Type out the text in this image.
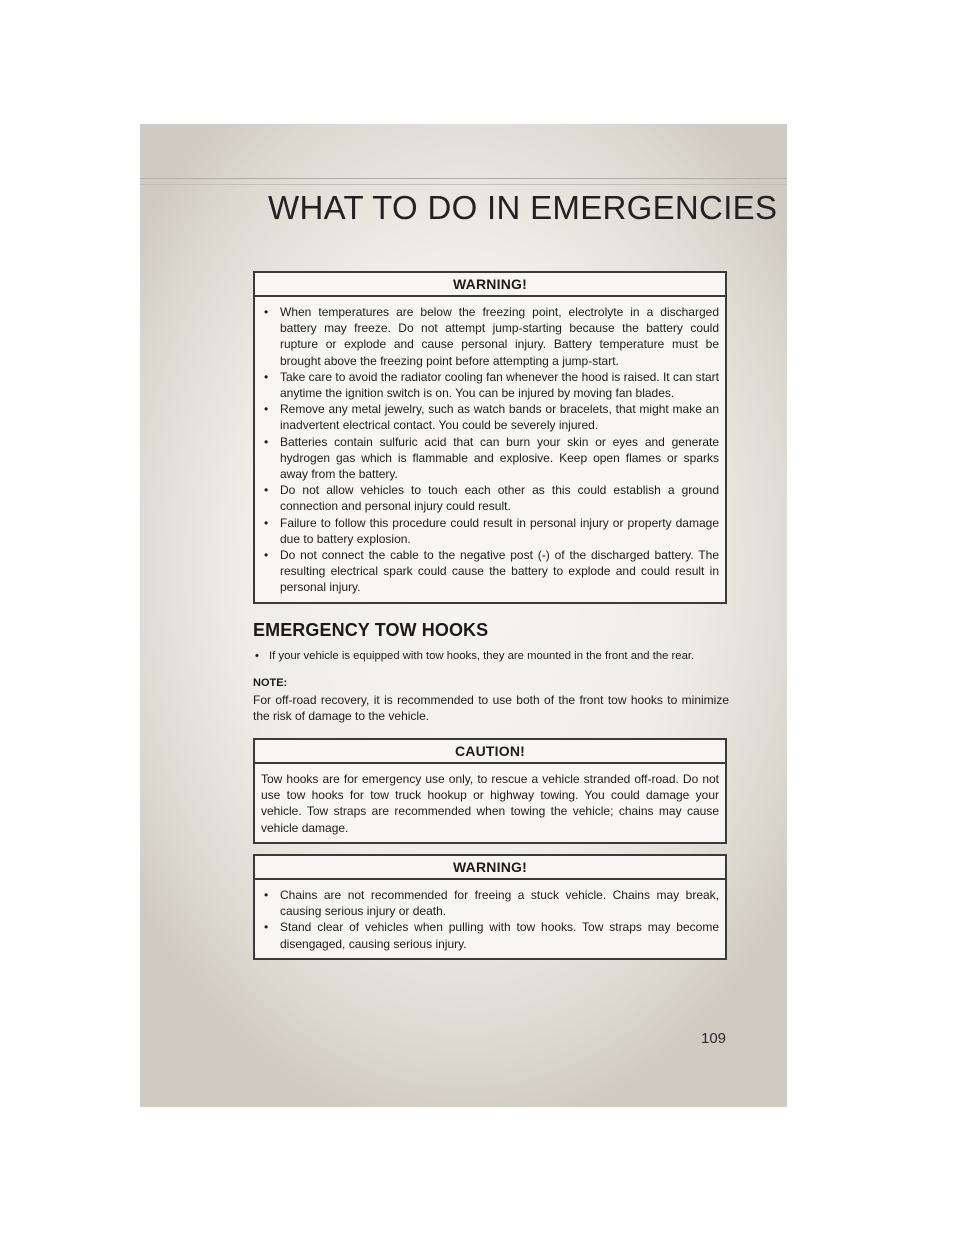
WHAT TO DO IN EMERGENCIES
WARNING!
• When temperatures are below the freezing point, electrolyte in a discharged battery may freeze. Do not attempt jump-starting because the battery could rupture or explode and cause personal injury. Battery temperature must be brought above the freezing point before attempting a jump-start.
• Take care to avoid the radiator cooling fan whenever the hood is raised. It can start anytime the ignition switch is on. You can be injured by moving fan blades.
• Remove any metal jewelry, such as watch bands or bracelets, that might make an inadvertent electrical contact. You could be severely injured.
• Batteries contain sulfuric acid that can burn your skin or eyes and generate hydrogen gas which is flammable and explosive. Keep open flames or sparks away from the battery.
• Do not allow vehicles to touch each other as this could establish a ground connection and personal injury could result.
• Failure to follow this procedure could result in personal injury or property damage due to battery explosion.
• Do not connect the cable to the negative post (-) of the discharged battery. The resulting electrical spark could cause the battery to explode and could result in personal injury.
EMERGENCY TOW HOOKS
• If your vehicle is equipped with tow hooks, they are mounted in the front and the rear.
NOTE:

For off-road recovery, it is recommended to use both of the front tow hooks to minimize the risk of damage to the vehicle.

CAUTION!

Tow hooks are for emergency use only, to rescue a vehicle stranded off-road. Do not use tow hooks for tow truck hookup or highway towing. You could damage your vehicle. Tow straps are recommended when towing the vehicle; chains may cause vehicle damage.

WARNING!
• Chains are not recommended for freeing a stuck vehicle. Chains may break, causing serious injury or death.
• Stand clear of vehicles when pulling with tow hooks. Tow straps may become disengaged, causing serious injury.
109
